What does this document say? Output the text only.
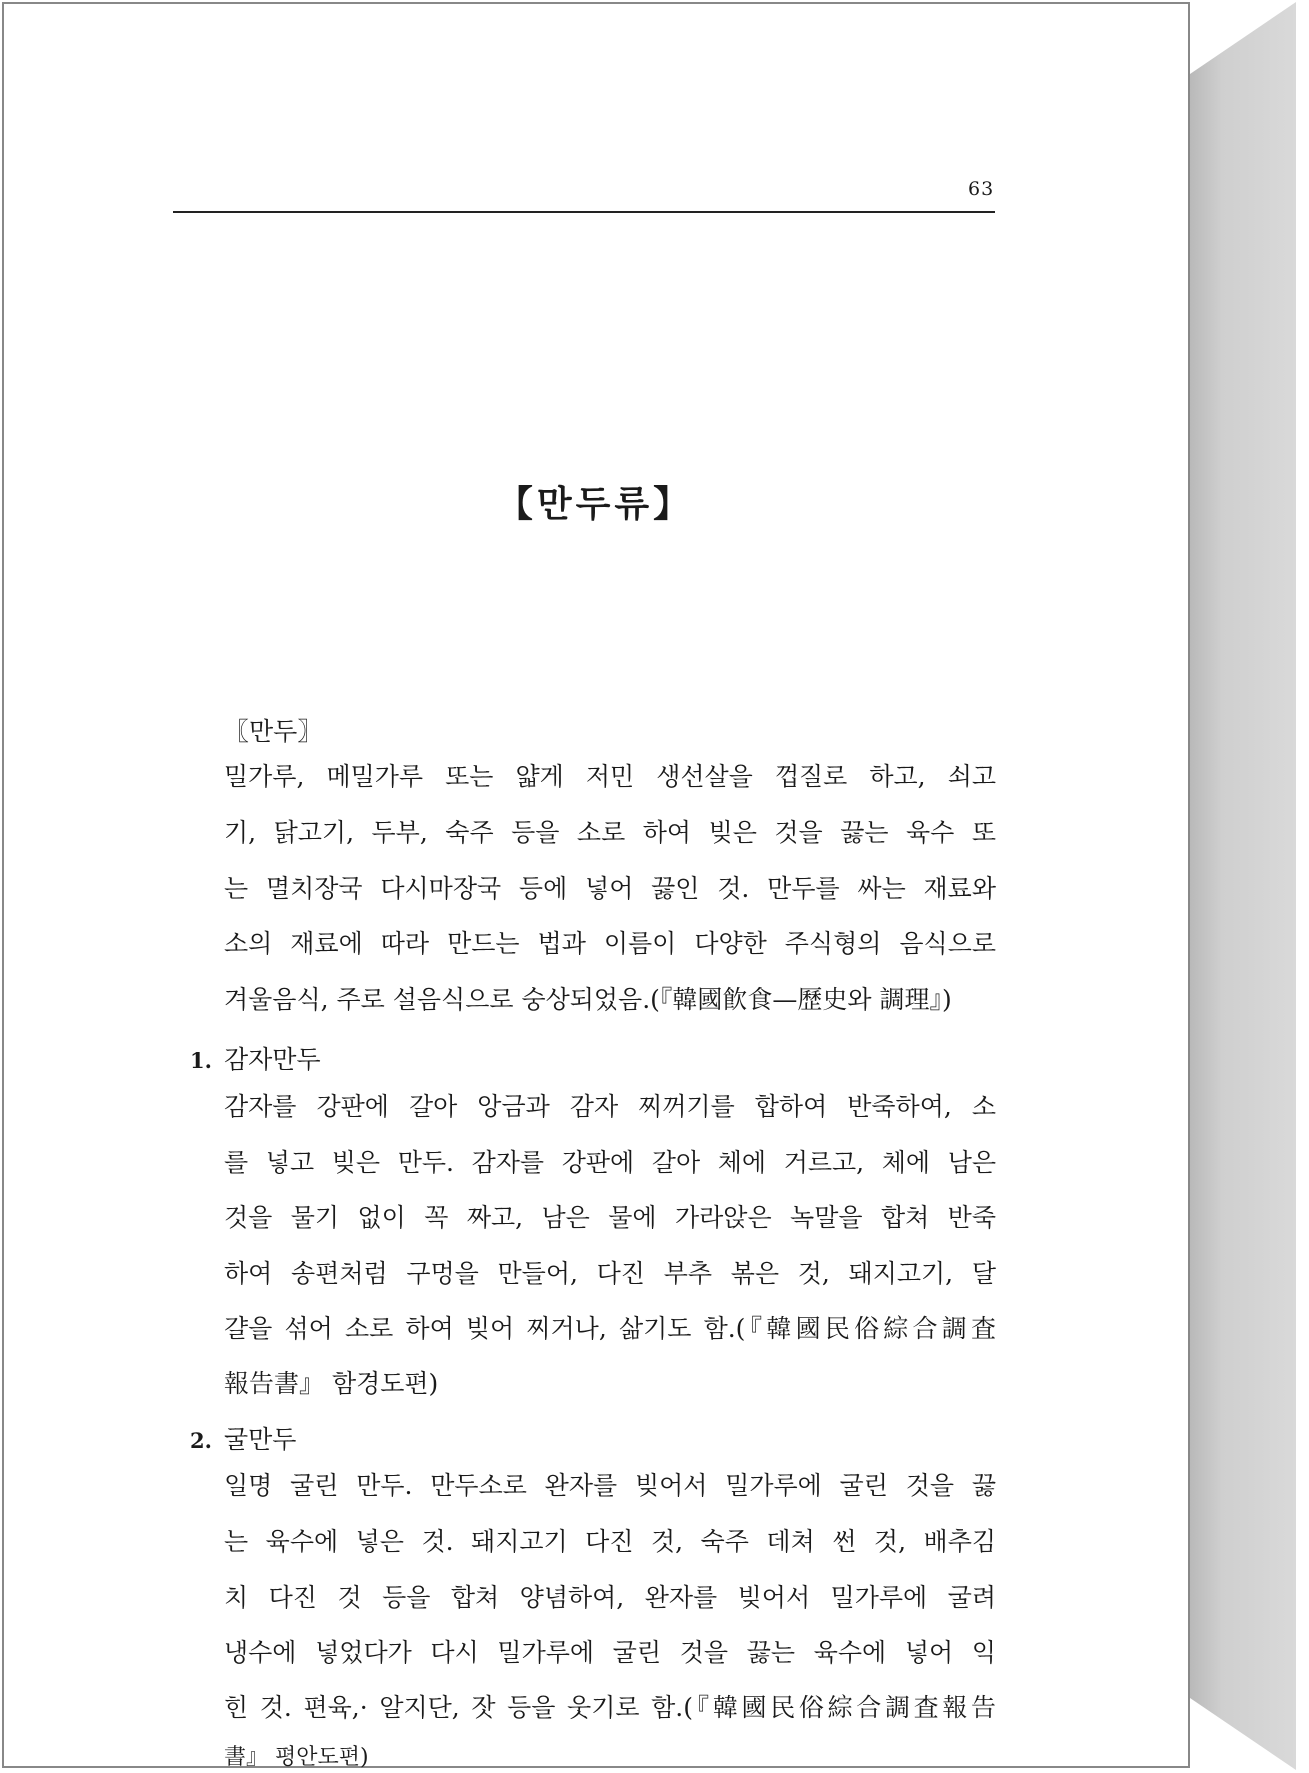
63
【만두류】
〖만두〗
밀가루, 메밀가루 또는 얇게 저민 생선살을 껍질로 하고, 쇠고
기, 닭고기, 두부, 숙주 등을 소로 하여 빚은 것을 끓는 육수 또
는 멸치장국 다시마장국 등에 넣어 끓인 것. 만두를 싸는 재료와
소의 재료에 따라 만드는 법과 이름이 다양한 주식형의 음식으로
겨울음식, 주로 설음식으로 숭상되었음.(『韓國飮食—歷史와 調理』)
1. 감자만두
감자를 강판에 갈아 앙금과 감자 찌꺼기를 합하여 반죽하여, 소
를 넣고 빚은 만두. 감자를 강판에 갈아 체에 거르고, 체에 남은
것을 물기 없이 꼭 짜고, 남은 물에 가라앉은 녹말을 합쳐 반죽
하여 송편처럼 구멍을 만들어, 다진 부추 볶은 것, 돼지고기, 달
걀을 섞어 소로 하여 빚어 찌거나, 삶기도 함.(『韓國民俗綜合調査
報告書』 함경도편)
2. 굴만두
일명 굴린 만두. 만두소로 완자를 빚어서 밀가루에 굴린 것을 끓
는 육수에 넣은 것. 돼지고기 다진 것, 숙주 데쳐 썬 것, 배추김
치 다진 것 등을 합쳐 양념하여, 완자를 빚어서 밀가루에 굴려
냉수에 넣었다가 다시 밀가루에 굴린 것을 끓는 육수에 넣어 익
힌 것. 편육,· 알지단, 잣 등을 웃기로 함.(『韓國民俗綜合調査報告
書』 평안도편)
